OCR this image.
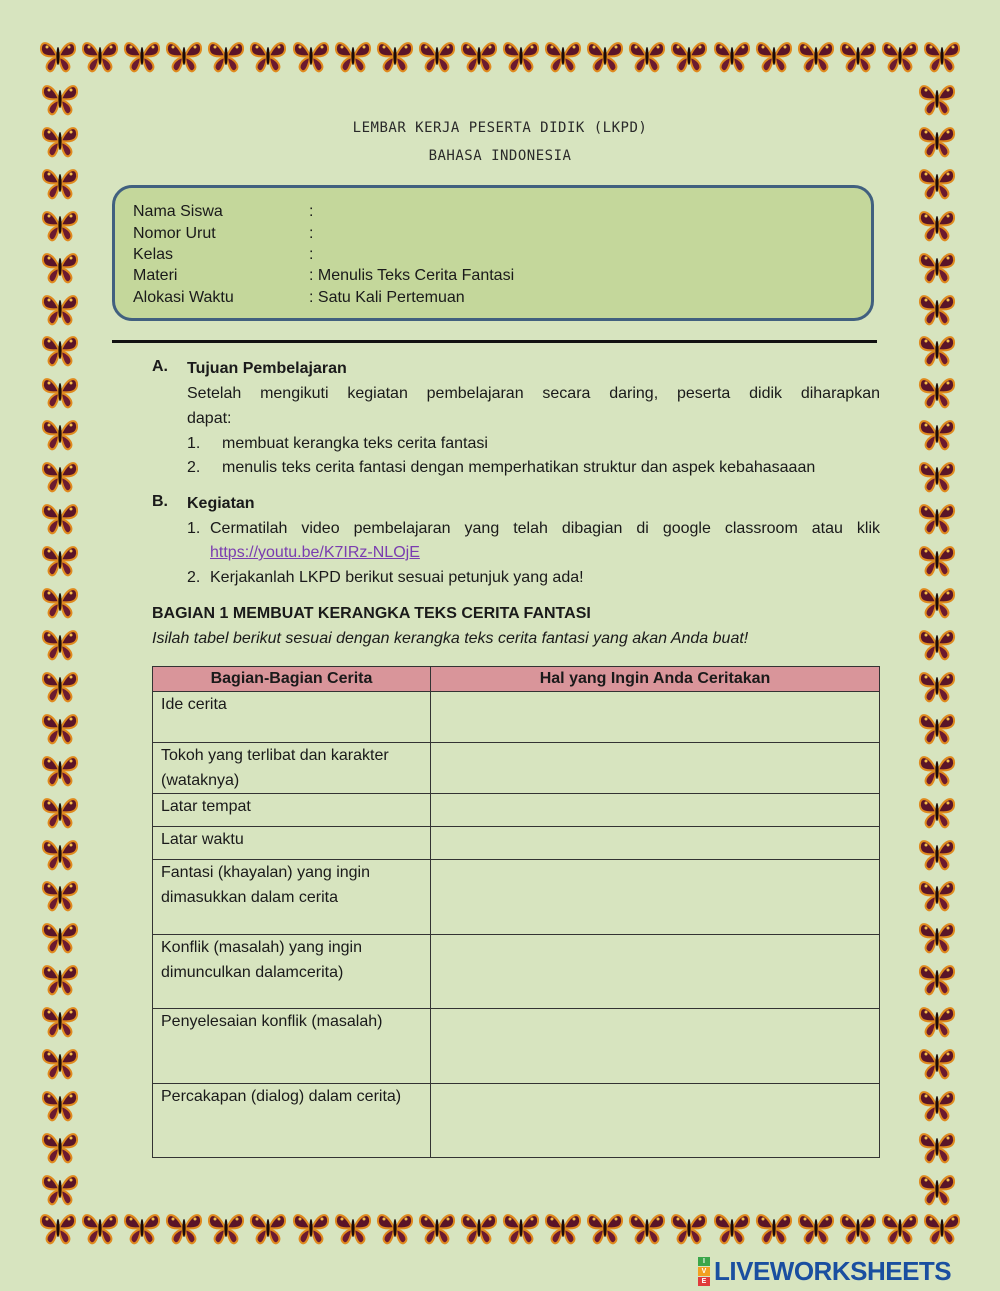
LEMBAR KERJA PESERTA DIDIK (LKPD)
BAHASA INDONESIA
Nama Siswa	:
Nomor Urut	:
Kelas	:
Materi	: Menulis Teks Cerita Fantasi
Alokasi Waktu	: Satu Kali Pertemuan
A. Tujuan Pembelajaran
Setelah mengikuti kegiatan pembelajaran secara daring, peserta didik diharapkan
dapat:
1. membuat kerangka teks cerita fantasi
2. menulis teks cerita fantasi dengan memperhatikan struktur dan aspek kebahasaaan
B. Kegiatan
1. Cermatilah video pembelajaran yang telah dibagian di google classroom atau klik
https://youtu.be/K7IRz-NLOjE
2. Kerjakanlah LKPD berikut sesuai petunjuk yang ada!
BAGIAN 1 MEMBUAT KERANGKA TEKS CERITA FANTASI
Isilah tabel berikut sesuai dengan kerangka teks cerita fantasi yang akan Anda buat!
Bagian-Bagian Cerita	Hal yang Ingin Anda Ceritakan
Ide cerita	
Tokoh yang terlibat dan karakter (wataknya)	
Latar tempat	
Latar waktu	
Fantasi (khayalan) yang ingin dimasukkan dalam cerita	
Konflik (masalah) yang ingin dimunculkan dalamcerita)	
Penyelesaian konflik (masalah)	
Percakapan (dialog) dalam cerita)	
I
V
E LIVEWORKSHEETS
